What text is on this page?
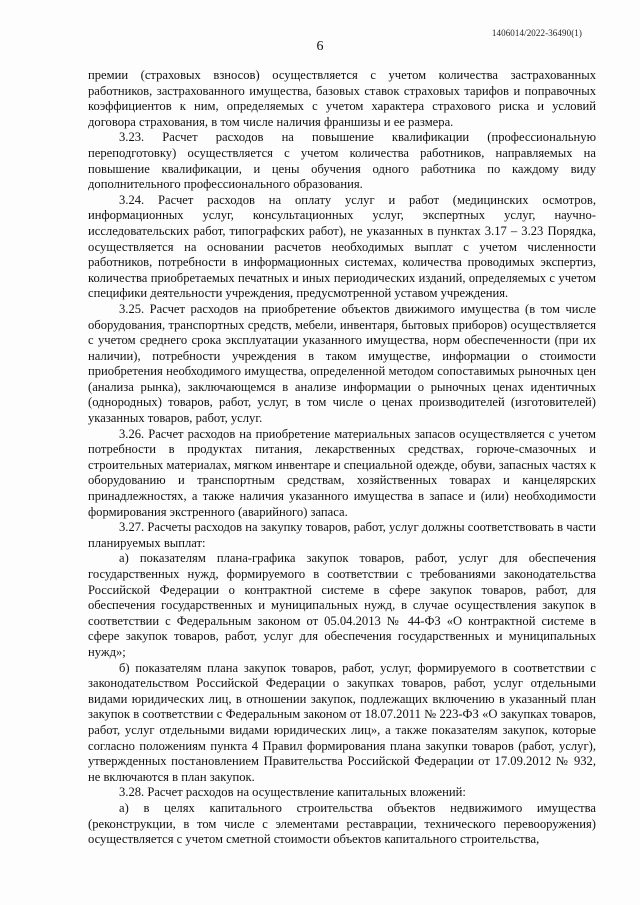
1406014/2022-36490(1)
6

премии (страховых взносов) осуществляется с учетом количества застрахованных работников, застрахованного имущества, базовых ставок страховых тарифов и поправочных коэффициентов к ним, определяемых с учетом характера страхового риска и условий договора страхования, в том числе наличия франшизы и ее размера.

3.23. Расчет расходов на повышение квалификации (профессиональную переподготовку) осуществляется с учетом количества работников, направляемых на повышение квалификации, и цены обучения одного работника по каждому виду дополнительного профессионального образования.

3.24. Расчет расходов на оплату услуг и работ (медицинских осмотров, информационных услуг, консультационных услуг, экспертных услуг, научно-исследовательских работ, типографских работ), не указанных в пунктах 3.17 – 3.23 Порядка, осуществляется на основании расчетов необходимых выплат с учетом численности работников, потребности в информационных системах, количества проводимых экспертиз, количества приобретаемых печатных и иных периодических изданий, определяемых с учетом специфики деятельности учреждения, предусмотренной уставом учреждения.

3.25. Расчет расходов на приобретение объектов движимого имущества (в том числе оборудования, транспортных средств, мебели, инвентаря, бытовых приборов) осуществляется с учетом среднего срока эксплуатации указанного имущества, норм обеспеченности (при их наличии), потребности учреждения в таком имуществе, информации о стоимости приобретения необходимого имущества, определенной методом сопоставимых рыночных цен (анализа рынка), заключающемся в анализе информации о рыночных ценах идентичных (однородных) товаров, работ, услуг, в том числе о ценах производителей (изготовителей) указанных товаров, работ, услуг.

3.26. Расчет расходов на приобретение материальных запасов осуществляется с учетом потребности в продуктах питания, лекарственных средствах, горюче-смазочных и строительных материалах, мягком инвентаре и специальной одежде, обуви, запасных частях к оборудованию и транспортным средствам, хозяйственных товарах и канцелярских принадлежностях, а также наличия указанного имущества в запасе и (или) необходимости формирования экстренного (аварийного) запаса.

3.27. Расчеты расходов на закупку товаров, работ, услуг должны соответствовать в части планируемых выплат:

а) показателям плана-графика закупок товаров, работ, услуг для обеспечения государственных нужд, формируемого в соответствии с требованиями законодательства Российской Федерации о контрактной системе в сфере закупок товаров, работ, для обеспечения государственных и муниципальных нужд, в случае осуществления закупок в соответствии с Федеральным законом от 05.04.2013 № 44-ФЗ «О контрактной системе в сфере закупок товаров, работ, услуг для обеспечения государственных и муниципальных нужд»;

б) показателям плана закупок товаров, работ, услуг, формируемого в соответствии с законодательством Российской Федерации о закупках товаров, работ, услуг отдельными видами юридических лиц, в отношении закупок, подлежащих включению в указанный план закупок в соответствии с Федеральным законом от 18.07.2011 № 223-ФЗ «О закупках товаров, работ, услуг отдельными видами юридических лиц», а также показателям закупок, которые согласно положениям пункта 4 Правил формирования плана закупки товаров (работ, услуг), утвержденных постановлением Правительства Российской Федерации от 17.09.2012 № 932, не включаются в план закупок.

3.28. Расчет расходов на осуществление капитальных вложений:

а) в целях капитального строительства объектов недвижимого имущества (реконструкции, в том числе с элементами реставрации, технического перевооружения) осуществляется с учетом сметной стоимости объектов капитального строительства,
